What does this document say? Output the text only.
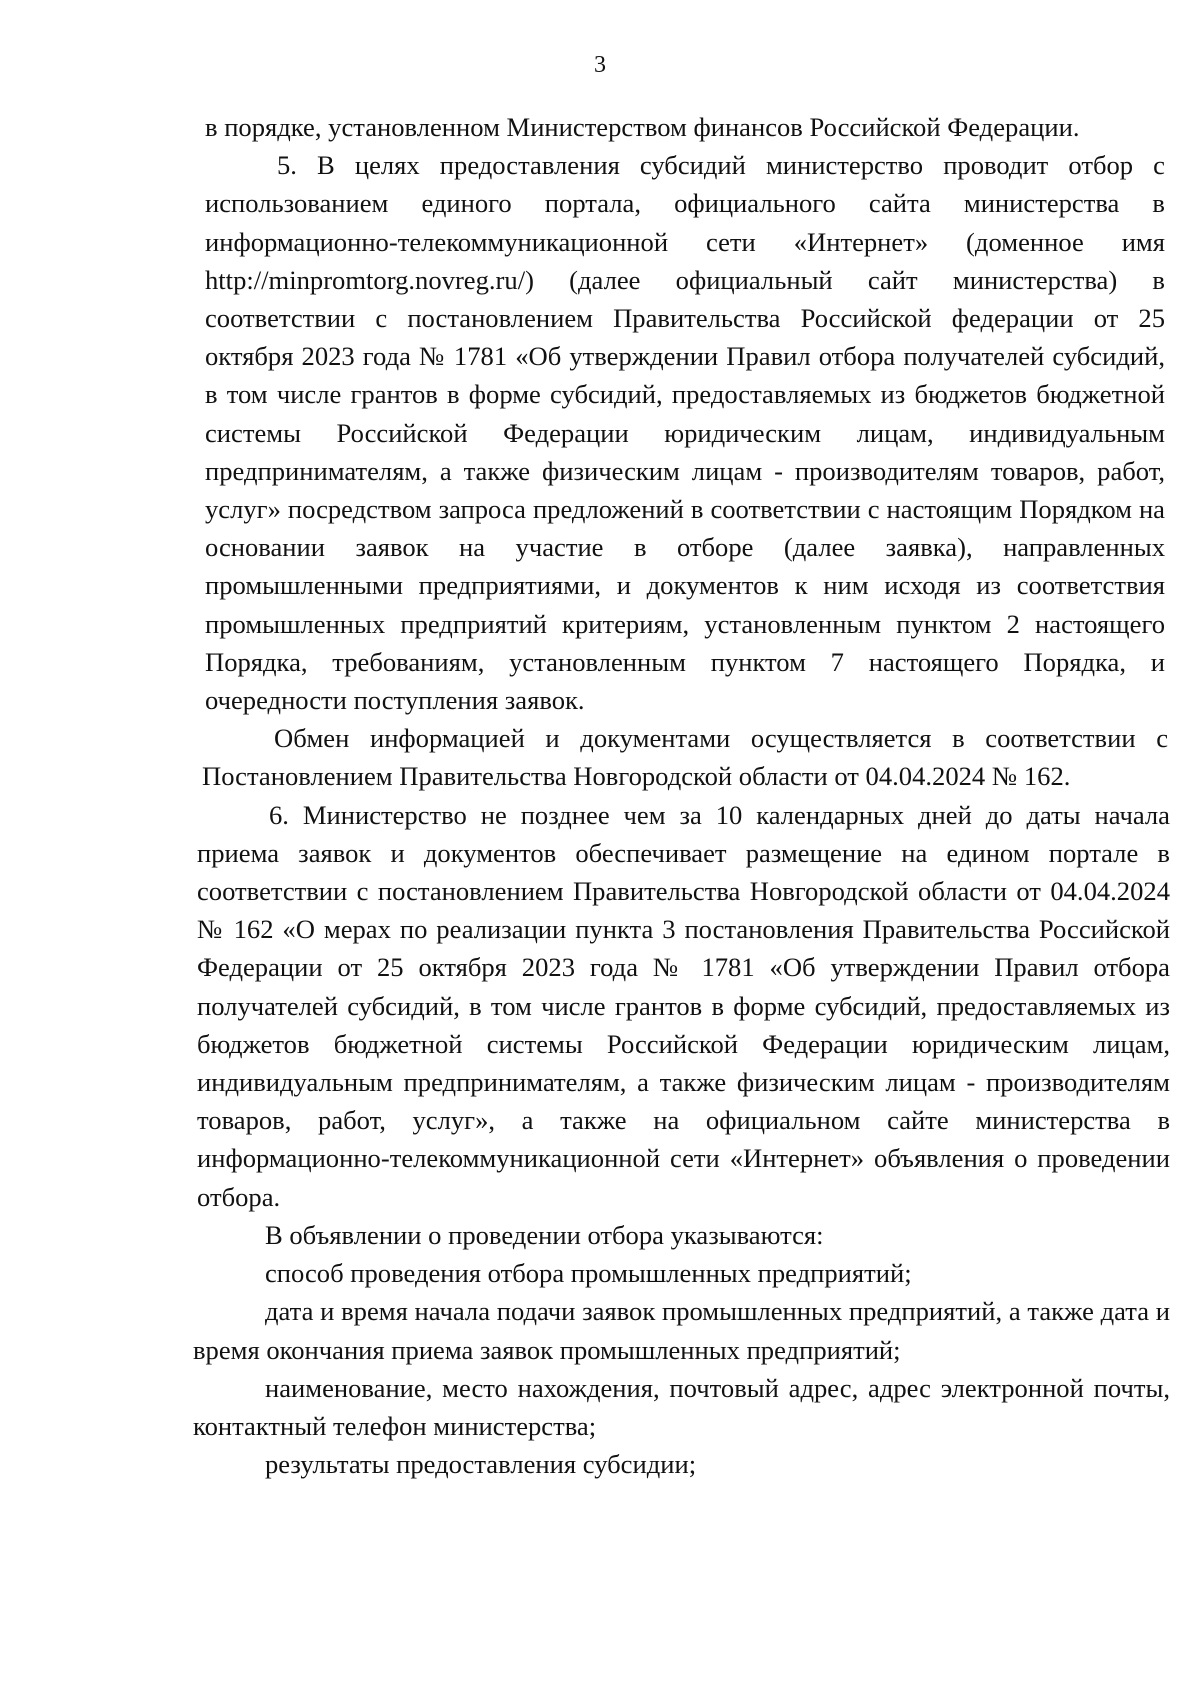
3

в порядке, установленном Министерством финансов Российской Федерации.

5. В целях предоставления субсидий министерство проводит отбор с использованием единого портала, официального сайта министерства в информационно-телекоммуникационной сети «Интернет» (доменное имя http://minpromtorg.novreg.ru/) (далее официальный сайт министерства) в соответствии с постановлением Правительства Российской федерации от 25 октября 2023 года № 1781 «Об утверждении Правил отбора получателей субсидий, в том числе грантов в форме субсидий, предоставляемых из бюджетов бюджетной системы Российской Федерации юридическим лицам, индивидуальным предпринимателям, а также физическим лицам - производителям товаров, работ, услуг» посредством запроса предложений в соответствии с настоящим Порядком на основании заявок на участие в отборе (далее заявка), направленных промышленными предприятиями, и документов к ним исходя из соответствия промышленных предприятий критериям, установленным пунктом 2 настоящего Порядка, требованиям, установленным пунктом 7 настоящего Порядка, и очередности поступления заявок.

Обмен информацией и документами осуществляется в соответствии с Постановлением Правительства Новгородской области от 04.04.2024 № 162.

6. Министерство не позднее чем за 10 календарных дней до даты начала приема заявок и документов обеспечивает размещение на едином портале в соответствии с постановлением Правительства Новгородской области от 04.04.2024 № 162 «О мерах по реализации пункта 3 постановления Правительства Российской Федерации от 25 октября 2023 года № 1781 «Об утверждении Правил отбора получателей субсидий, в том числе грантов в форме субсидий, предоставляемых из бюджетов бюджетной системы Российской Федерации юридическим лицам, индивидуальным предпринимателям, а также физическим лицам - производителям товаров, работ, услуг», а также на официальном сайте министерства в информационно-телекоммуникационной сети «Интернет» объявления о проведении отбора.

В объявлении о проведении отбора указываются:

способ проведения отбора промышленных предприятий;

дата и время начала подачи заявок промышленных предприятий, а также дата и время окончания приема заявок промышленных предприятий;

наименование, место нахождения, почтовый адрес, адрес электронной почты, контактный телефон министерства;

результаты предоставления субсидии;
